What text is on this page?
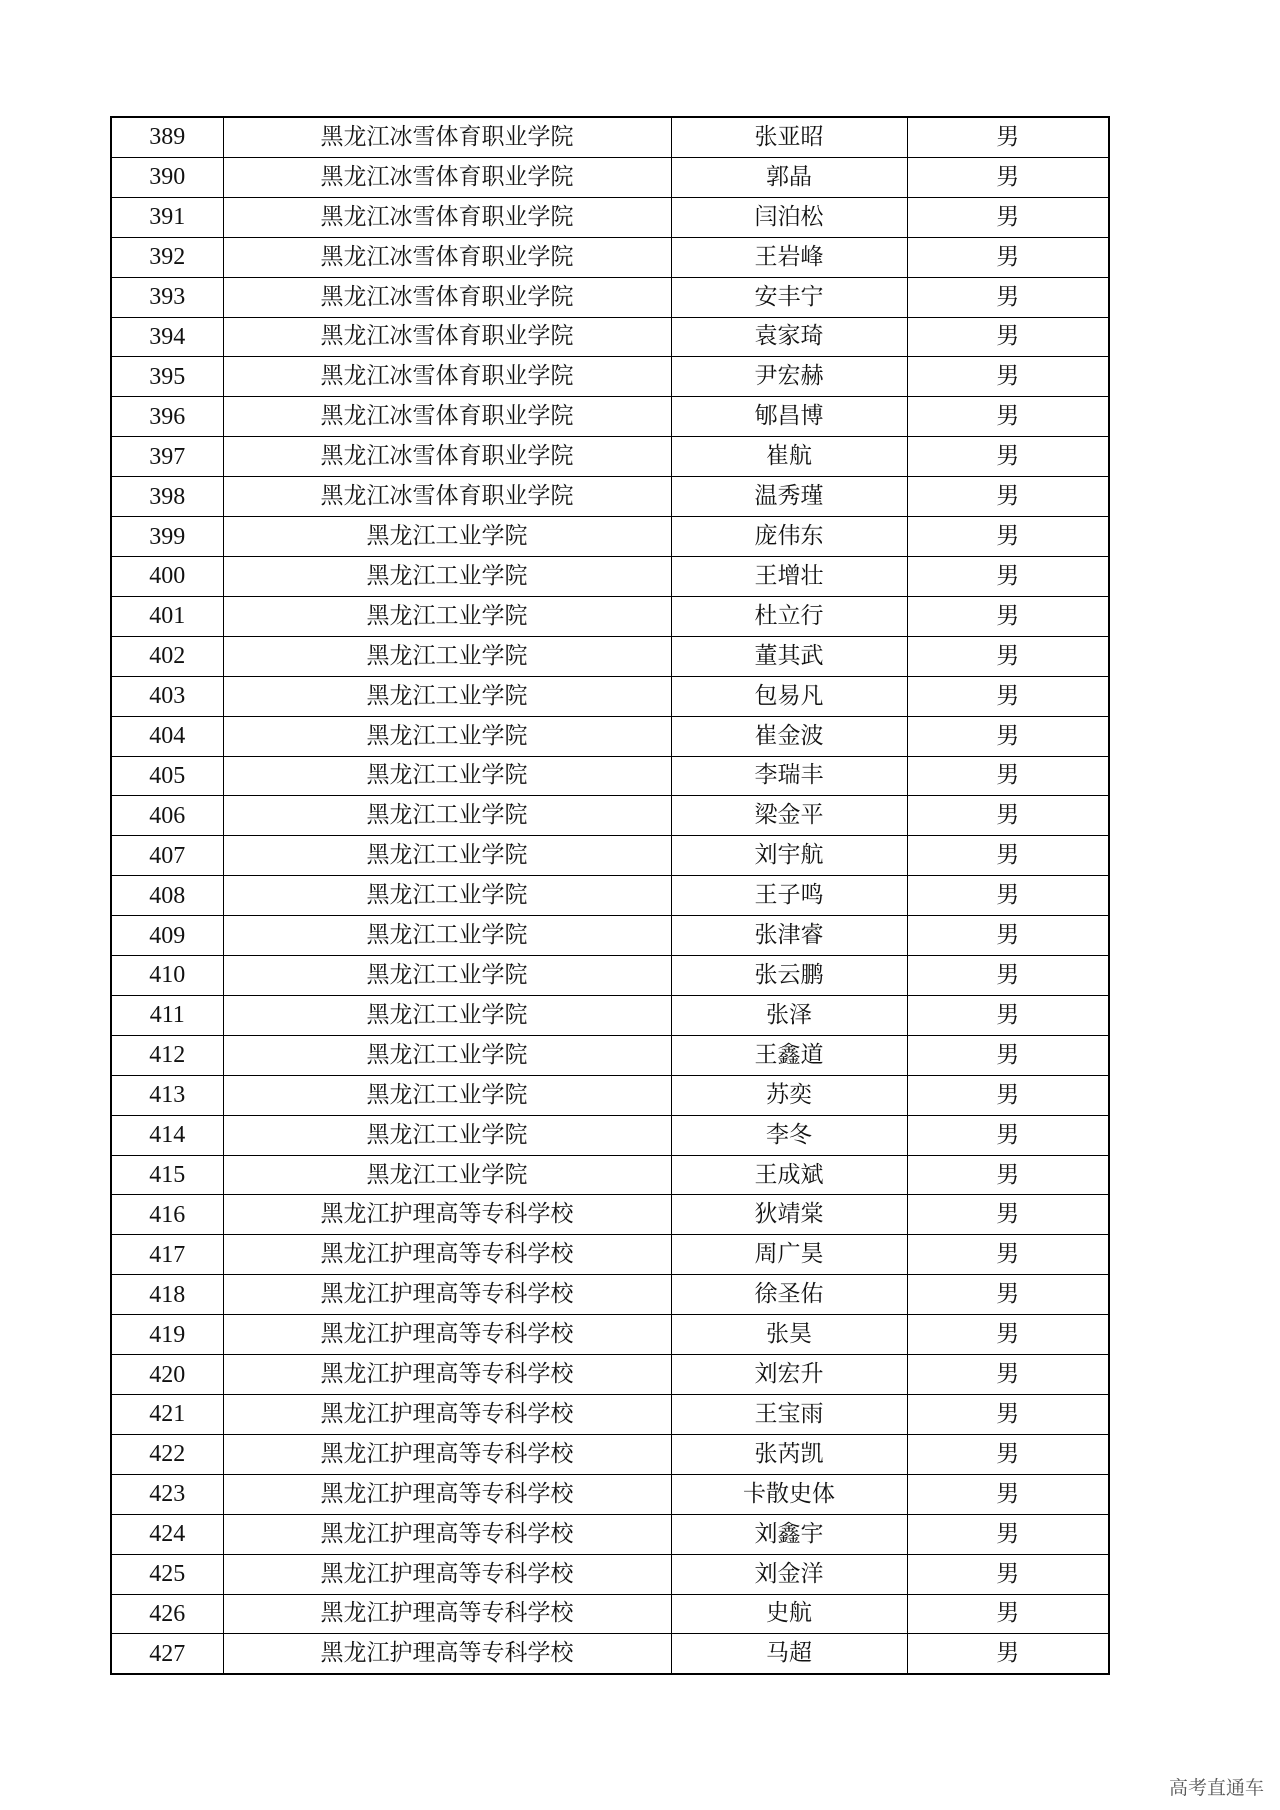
389	黑龙江冰雪体育职业学院	张亚昭	男
390	黑龙江冰雪体育职业学院	郭晶	男
391	黑龙江冰雪体育职业学院	闫泊松	男
392	黑龙江冰雪体育职业学院	王岩峰	男
393	黑龙江冰雪体育职业学院	安丰宁	男
394	黑龙江冰雪体育职业学院	袁家琦	男
395	黑龙江冰雪体育职业学院	尹宏赫	男
396	黑龙江冰雪体育职业学院	郇昌博	男
397	黑龙江冰雪体育职业学院	崔航	男
398	黑龙江冰雪体育职业学院	温秀瑾	男
399	黑龙江工业学院	庞伟东	男
400	黑龙江工业学院	王增壮	男
401	黑龙江工业学院	杜立行	男
402	黑龙江工业学院	董其武	男
403	黑龙江工业学院	包易凡	男
404	黑龙江工业学院	崔金波	男
405	黑龙江工业学院	李瑞丰	男
406	黑龙江工业学院	梁金平	男
407	黑龙江工业学院	刘宇航	男
408	黑龙江工业学院	王子鸣	男
409	黑龙江工业学院	张津睿	男
410	黑龙江工业学院	张云鹏	男
411	黑龙江工业学院	张泽	男
412	黑龙江工业学院	王鑫道	男
413	黑龙江工业学院	苏奕	男
414	黑龙江工业学院	李冬	男
415	黑龙江工业学院	王成斌	男
416	黑龙江护理高等专科学校	狄靖棠	男
417	黑龙江护理高等专科学校	周广昊	男
418	黑龙江护理高等专科学校	徐圣佑	男
419	黑龙江护理高等专科学校	张昊	男
420	黑龙江护理高等专科学校	刘宏升	男
421	黑龙江护理高等专科学校	王宝雨	男
422	黑龙江护理高等专科学校	张芮凯	男
423	黑龙江护理高等专科学校	卡散史体	男
424	黑龙江护理高等专科学校	刘鑫宇	男
425	黑龙江护理高等专科学校	刘金洋	男
426	黑龙江护理高等专科学校	史航	男
427	黑龙江护理高等专科学校	马超	男
高考直通车
